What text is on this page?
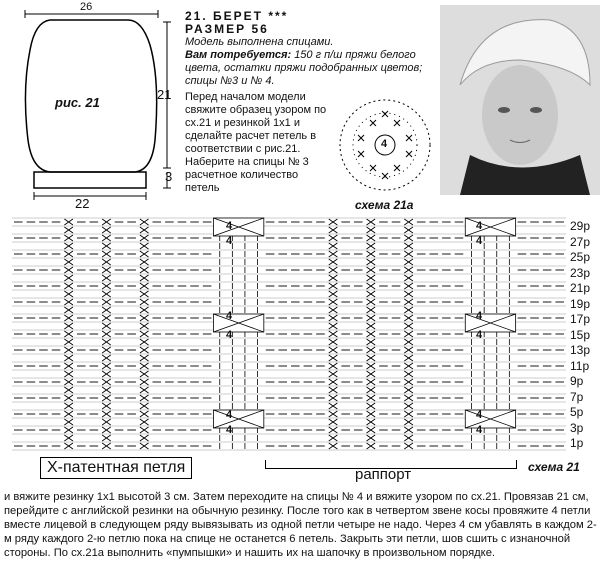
26
21
3
22
рис. 21
21. БЕРЕТ ***
РАЗМЕР 56
Модель выполнена спицами.
Вам потребуется: 150 г п/ш пряжи белого цвета, остатки пряжи подобранных цветов; спицы №3 и № 4.
Перед началом модели свяжите образец узором по сх.21 и резинкой 1х1 и сделайте расчет петель в соответствии с рис.21. Наберите на спицы № 3 расчетное количество петель
4
схема 21а
29р
27р
25р
23р
21р
19р
17р
15р
13р
11р
9р
7р
5р
3р
1р
4
4
4
4
4
4
4
4
4
4
4
4
Х-патентная петля	раппорт	схема 21
и вяжите резинку 1х1 высотой 3 см. Затем переходите на спицы № 4 и вяжите узором по сх.21. Провязав 21 см, перейдите с английской резинки на обычную резинку. После того как в четвертом звене косы провяжите 4 петли вместе лицевой в следующем ряду вывязывать из одной петли четыре не надо. Через 4 см убавлять в каждом 2-м ряду каждого 2-ю петлю пока на спице не останется 6 петель. Закрыть эти петли, шов сшить с изнаночной стороны. По сх.21а выполнить «пумпышки» и нашить их на шапочку в произвольном порядке.
